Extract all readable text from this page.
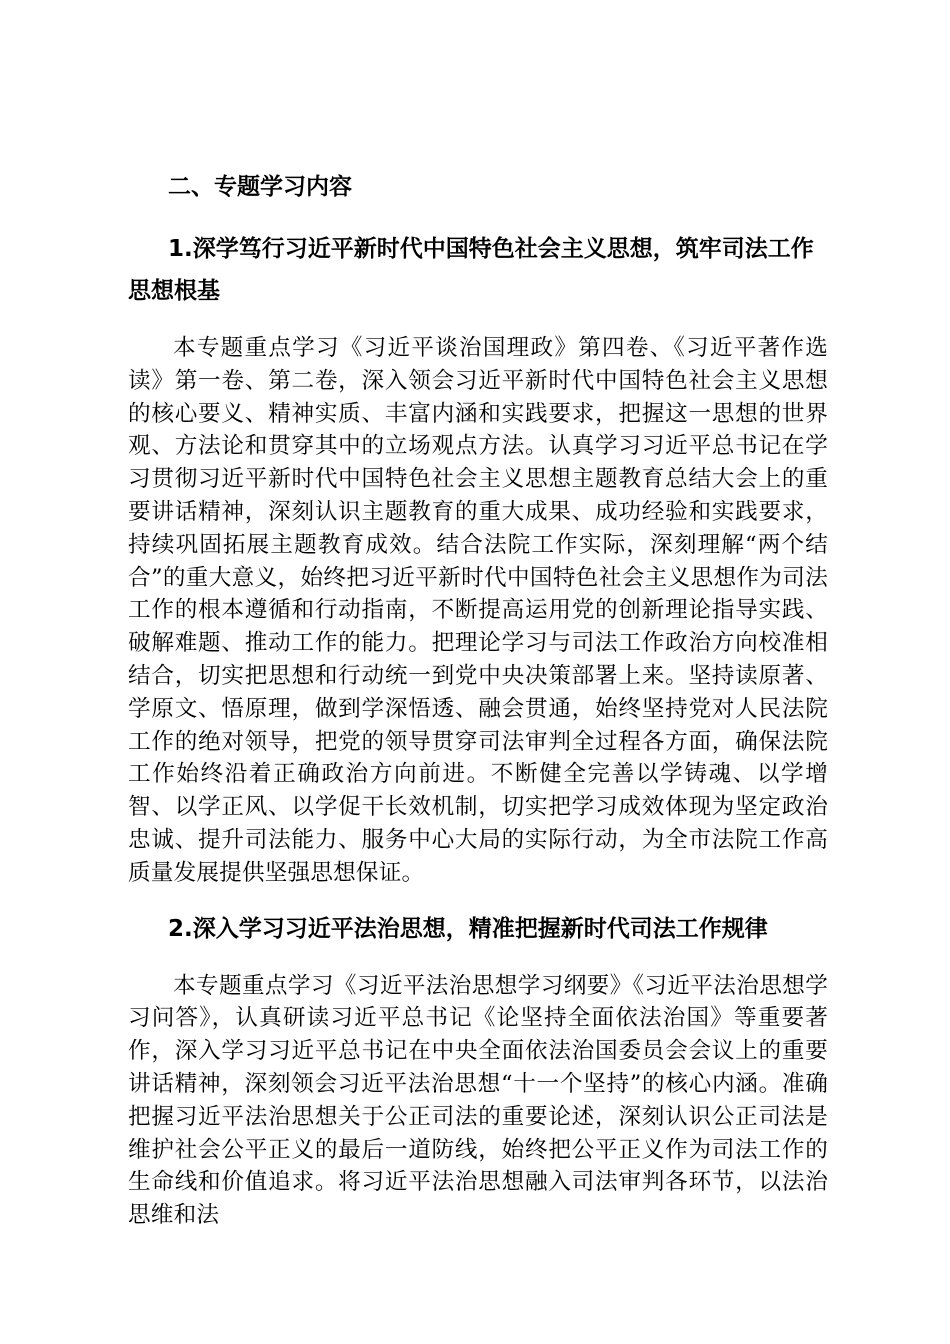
二、专题学习内容

1.深学笃行习近平新时代中国特色社会主义思想，筑牢司法工作思想根基

本专题重点学习《习近平谈治国理政》第四卷、《习近平著作选读》第一卷、第二卷，深入领会习近平新时代中国特色社会主义思想的核心要义、精神实质、丰富内涵和实践要求，把握这一思想的世界观、方法论和贯穿其中的立场观点方法。认真学习习近平总书记在学习贯彻习近平新时代中国特色社会主义思想主题教育总结大会上的重要讲话精神，深刻认识主题教育的重大成果、成功经验和实践要求，持续巩固拓展主题教育成效。结合法院工作实际，深刻理解“两个结合”的重大意义，始终把习近平新时代中国特色社会主义思想作为司法工作的根本遵循和行动指南，不断提高运用党的创新理论指导实践、破解难题、推动工作的能力。把理论学习与司法工作政治方向校准相结合，切实把思想和行动统一到党中央决策部署上来。坚持读原著、学原文、悟原理，做到学深悟透、融会贯通，始终坚持党对人民法院工作的绝对领导，把党的领导贯穿司法审判全过程各方面，确保法院工作始终沿着正确政治方向前进。不断健全完善以学铸魂、以学增智、以学正风、以学促干长效机制，切实把学习成效体现为坚定政治忠诚、提升司法能力、服务中心大局的实际行动，为全市法院工作高质量发展提供坚强思想保证。

2.深入学习习近平法治思想，精准把握新时代司法工作规律

本专题重点学习《习近平法治思想学习纲要》《习近平法治思想学习问答》，认真研读习近平总书记《论坚持全面依法治国》等重要著作，深入学习习近平总书记在中央全面依法治国委员会会议上的重要讲话精神，深刻领会习近平法治思想“十一个坚持”的核心内涵。准确把握习近平法治思想关于公正司法的重要论述，深刻认识公正司法是维护社会公平正义的最后一道防线，始终把公平正义作为司法工作的生命线和价值追求。将习近平法治思想融入司法审判各环节，以法治思维和法
